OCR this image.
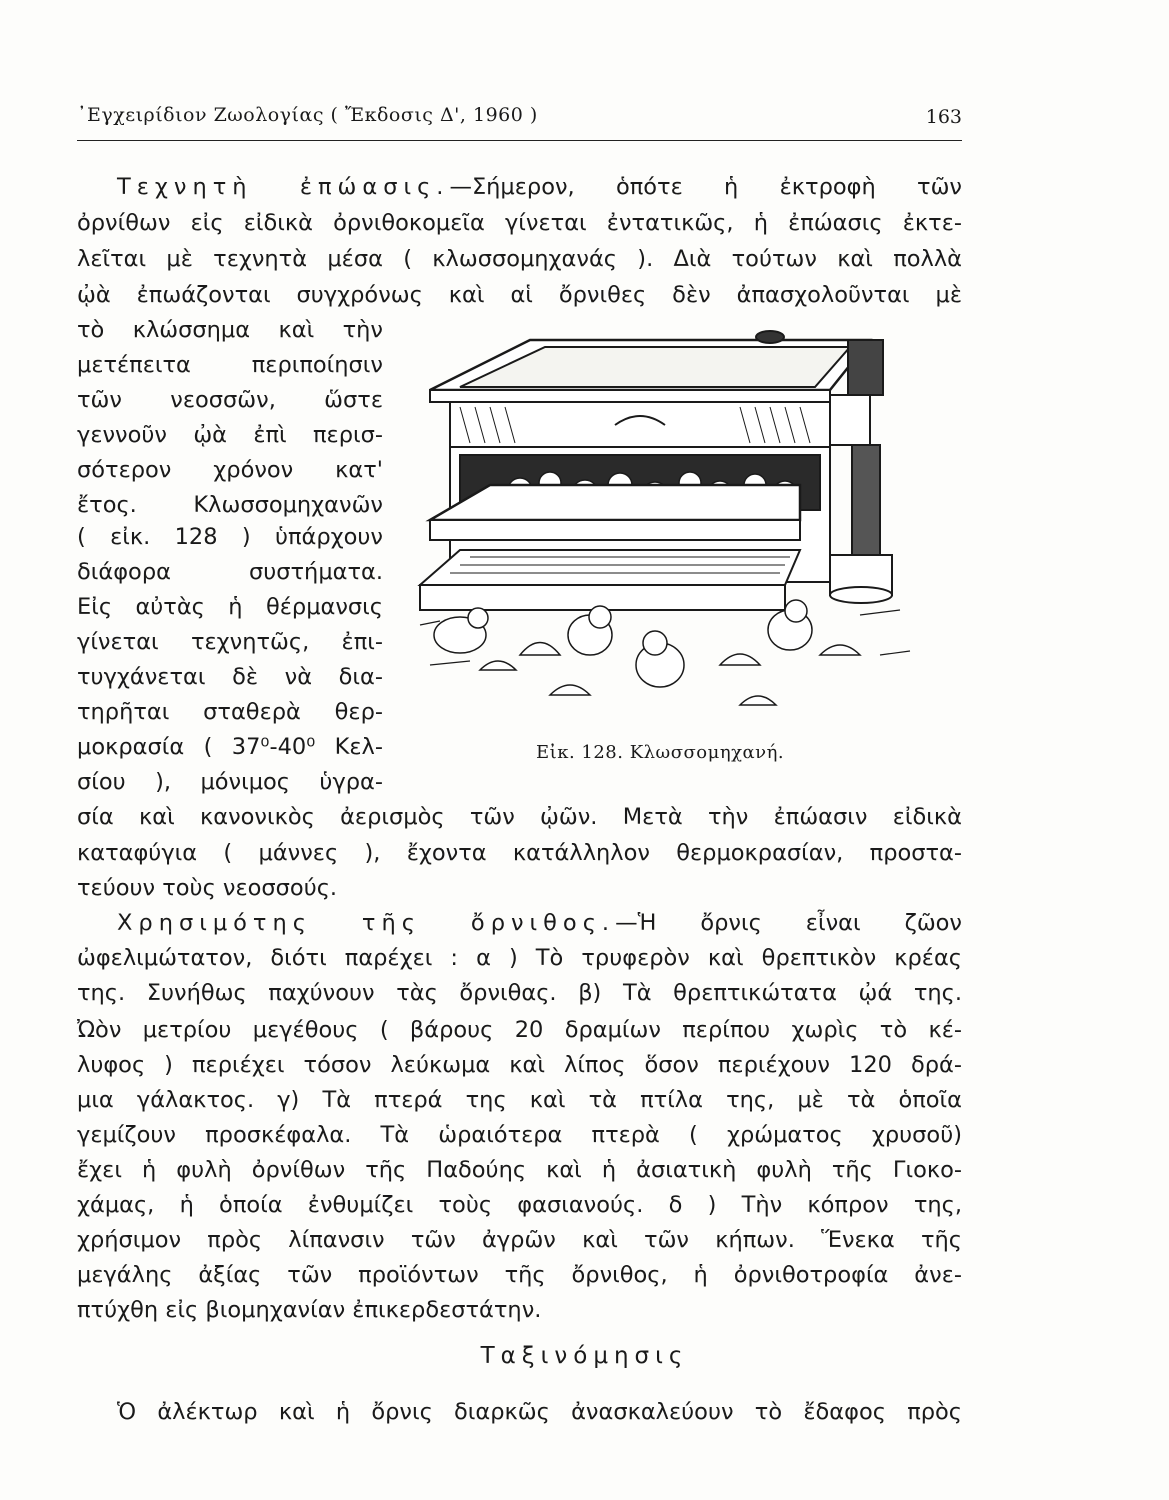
᾿Εγχειρίδιον Ζωολογίας ( Ἔκδοσις Δ', 1960 )	163
Τεχνητὴ ἐπώασις.—Σήμερον, ὁπότε ἡ ἐκτροφὴ τῶν
ὀρνίθων εἰς εἰδικὰ ὀρνιθοκομεῖα γίνεται ἐντατικῶς, ἡ ἐπώασις ἐκτε-
λεῖται μὲ τεχνητὰ μέσα ( κλωσσομηχανάς ). Διὰ τούτων καὶ πολλὰ
ᾠὰ ἐπωάζονται συγχρόνως καὶ αἱ ὄρνιθες δὲν ἀπασχολοῦνται μὲ
τὸ κλώσσημα καὶ τὴν
μετέπειτα περιποίησιν
τῶν νεοσσῶν, ὥστε
γεννοῦν ᾠὰ ἐπὶ περισ-
σότερον χρόνον κατ'
ἔτος. Κλωσσομηχανῶν
( εἰκ. 128 ) ὑπάρχουν
διάφορα συστήματα.
Εἰς αὐτὰς ἡ θέρμανσις
γίνεται τεχνητῶς, ἐπι-
τυγχάνεται δὲ νὰ δια-
τηρῆται σταθερὰ θερ-
μοκρασία ( 37⁰-40⁰ Κελ-
σίου ), μόνιμος ὑγρα-
σία καὶ κανονικὸς ἀερισμὸς τῶν ᾠῶν. Μετὰ τὴν ἐπώασιν εἰδικὰ
καταφύγια ( μάννες ), ἔχοντα κατάλληλον θερμοκρασίαν, προστα-
τεύουν τοὺς νεοσσούς.
Εἰκ. 128. Κλωσσομηχανή.
Χρησιμότης τῆς ὄρνιθος.—Ἡ ὄρνις εἶναι ζῶον
ὠφελιμώτατον, διότι παρέχει : α ) Τὸ τρυφερὸν καὶ θρεπτικὸν κρέας
της. Συνήθως παχύνουν τὰς ὄρνιθας. β) Τὰ θρεπτικώτατα ᾠά της.
Ὠὸν μετρίου μεγέθους ( βάρους 20 δραμίων περίπου χωρὶς τὸ κέ-
λυφος ) περιέχει τόσον λεύκωμα καὶ λίπος ὅσον περιέχουν 120 δρά-
μια γάλακτος. γ) Τὰ πτερά της καὶ τὰ πτίλα της, μὲ τὰ ὁποῖα
γεμίζουν προσκέφαλα. Τὰ ὡραιότερα πτερὰ ( χρώματος χρυσοῦ)
ἔχει ἡ φυλὴ ὀρνίθων τῆς Παδούης καὶ ἡ ἀσιατικὴ φυλὴ τῆς Γιοκο-
χάμας, ἡ ὁποία ἐνθυμίζει τοὺς φασιανούς. δ ) Τὴν κόπρον της,
χρήσιμον πρὸς λίπανσιν τῶν ἀγρῶν καὶ τῶν κήπων. Ἕνεκα τῆς
μεγάλης ἀξίας τῶν προϊόντων τῆς ὄρνιθος, ἡ ὀρνιθοτροφία ἀνε-
πτύχθη εἰς βιομηχανίαν ἐπικερδεστάτην.
Ταξινόμησις
Ὁ ἀλέκτωρ καὶ ἡ ὄρνις διαρκῶς ἀνασκαλεύουν τὸ ἔδαφος πρὸς
